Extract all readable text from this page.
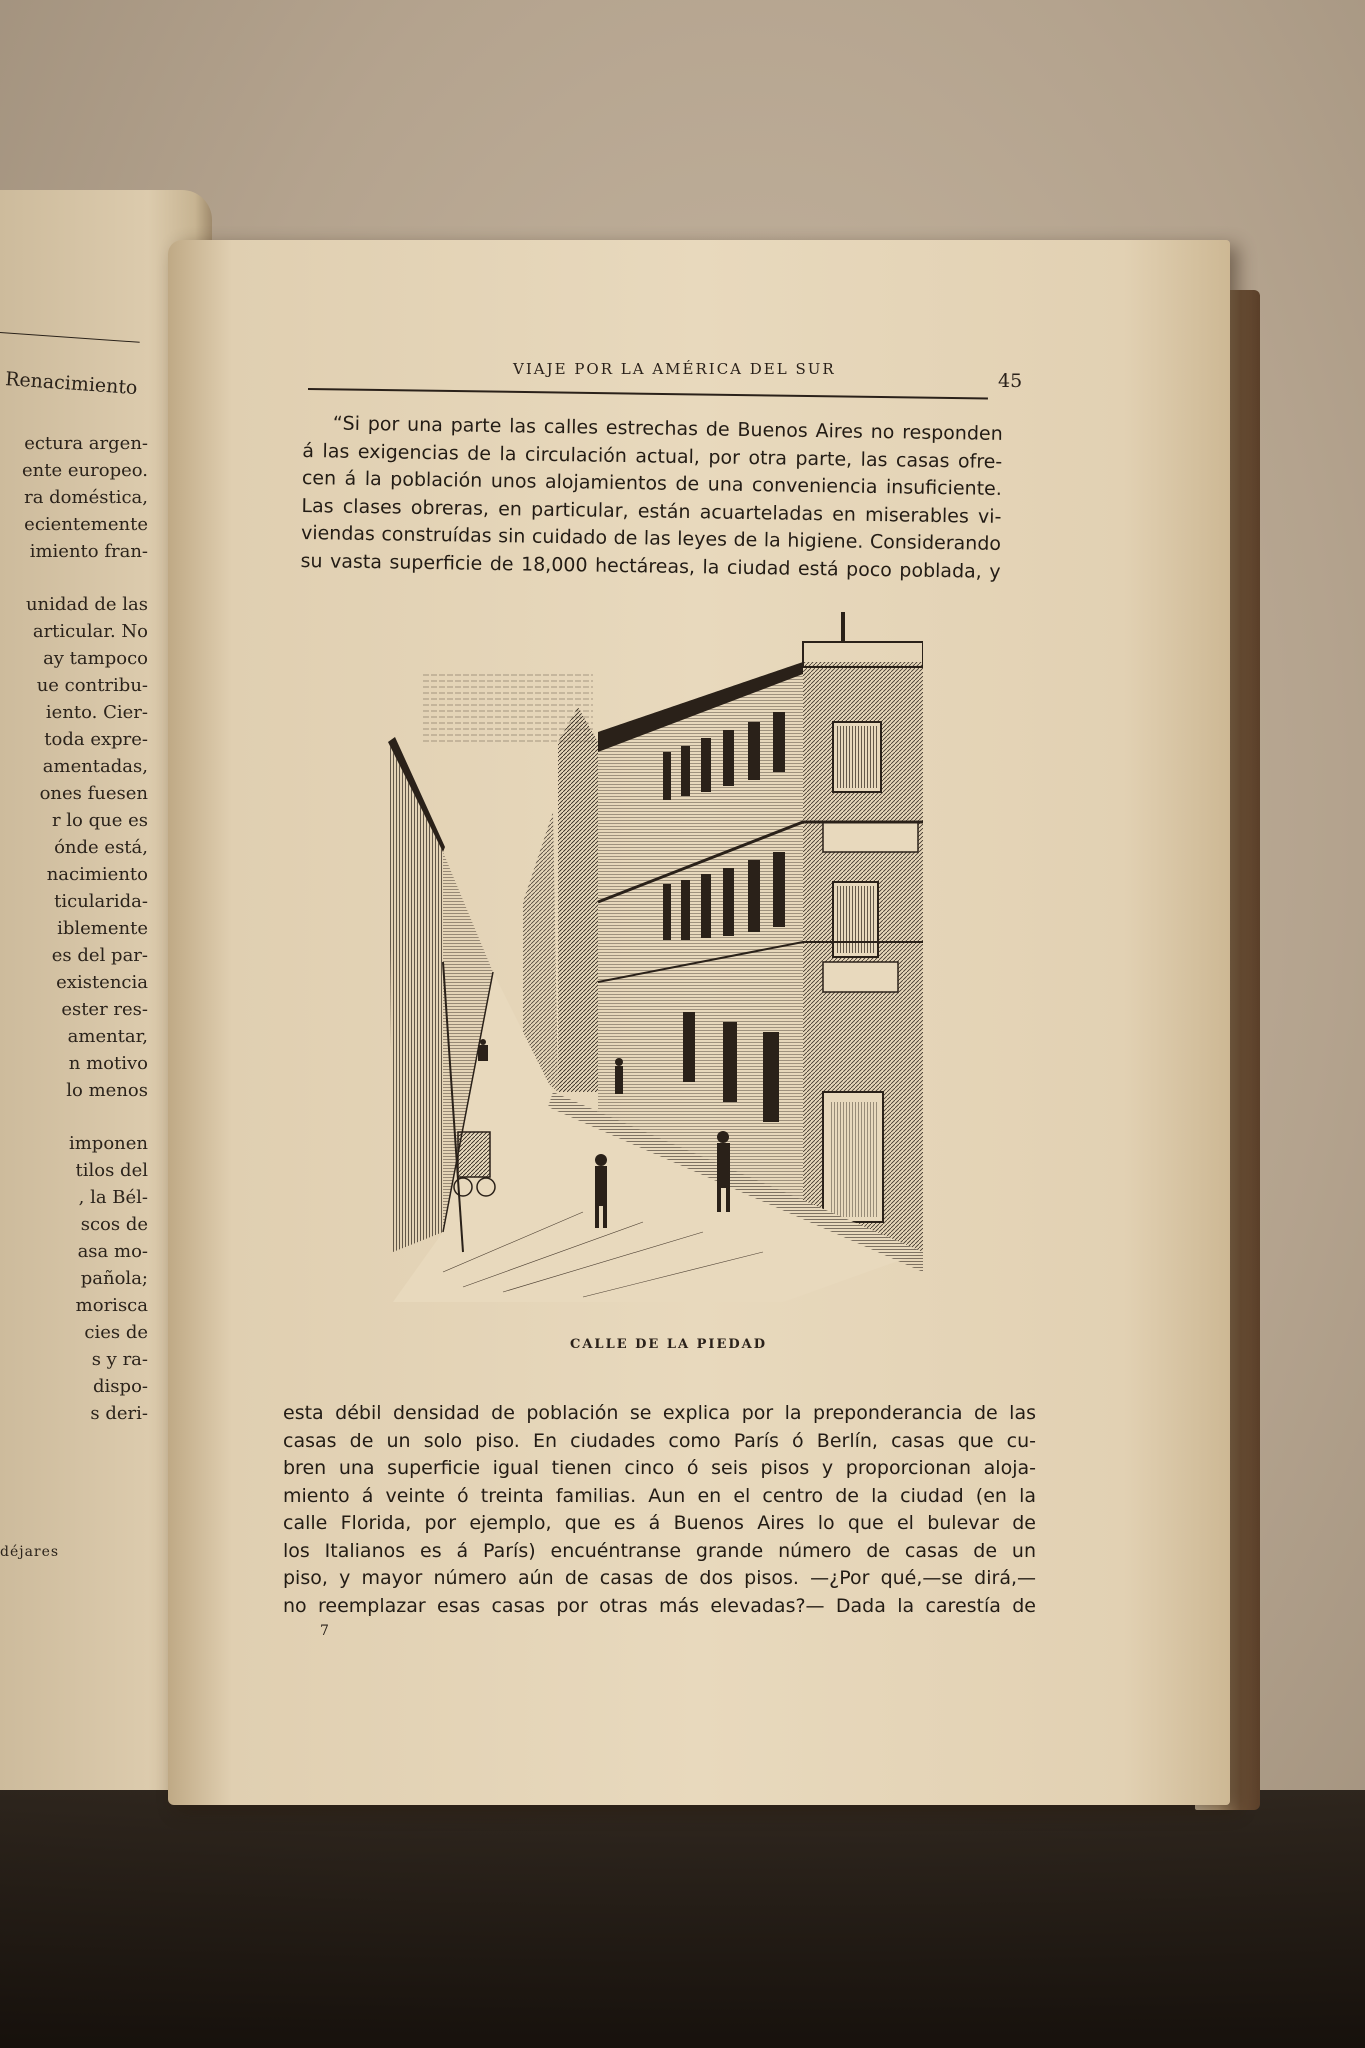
Renacimiento
ectura argen-
ente europeo.
ra doméstica,
ecientemente
imiento fran-
unidad de las
articular. No
ay tampoco
ue contribu-
iento. Cier-
toda expre-
amentadas,
ones fuesen
r lo que es
ónde está,
nacimiento
ticularida-
iblemente
es del par-
existencia
ester res-
amentar,
n motivo
lo menos
imponen
tilos del
, la Bél-
scos de
asa mo-
pañola;
morisca
cies de
s y ra-
dispo-
s deri-
déjares
VIAJE POR LA AMÉRICA DEL SUR
45
“Si por una parte las calles estrechas de Buenos Aires no responden
á las exigencias de la circulación actual, por otra parte, las casas ofre-
cen á la población unos alojamientos de una conveniencia insuficiente.
Las clases obreras, en particular, están acuarteladas en miserables vi-
viendas construídas sin cuidado de las leyes de la higiene. Considerando
su vasta superficie de 18,000 hectáreas, la ciudad está poco poblada, y
CALLE DE LA PIEDAD
esta débil densidad de población se explica por la preponderancia de las
casas de un solo piso. En ciudades como París ó Berlín, casas que cu-
bren una superficie igual tienen cinco ó seis pisos y proporcionan aloja-
miento á veinte ó treinta familias. Aun en el centro de la ciudad (en la
calle Florida, por ejemplo, que es á Buenos Aires lo que el bulevar de
los Italianos es á París) encuéntranse grande número de casas de un
piso, y mayor número aún de casas de dos pisos. —¿Por qué,—se dirá,—
no reemplazar esas casas por otras más elevadas?— Dada la carestía de
7
